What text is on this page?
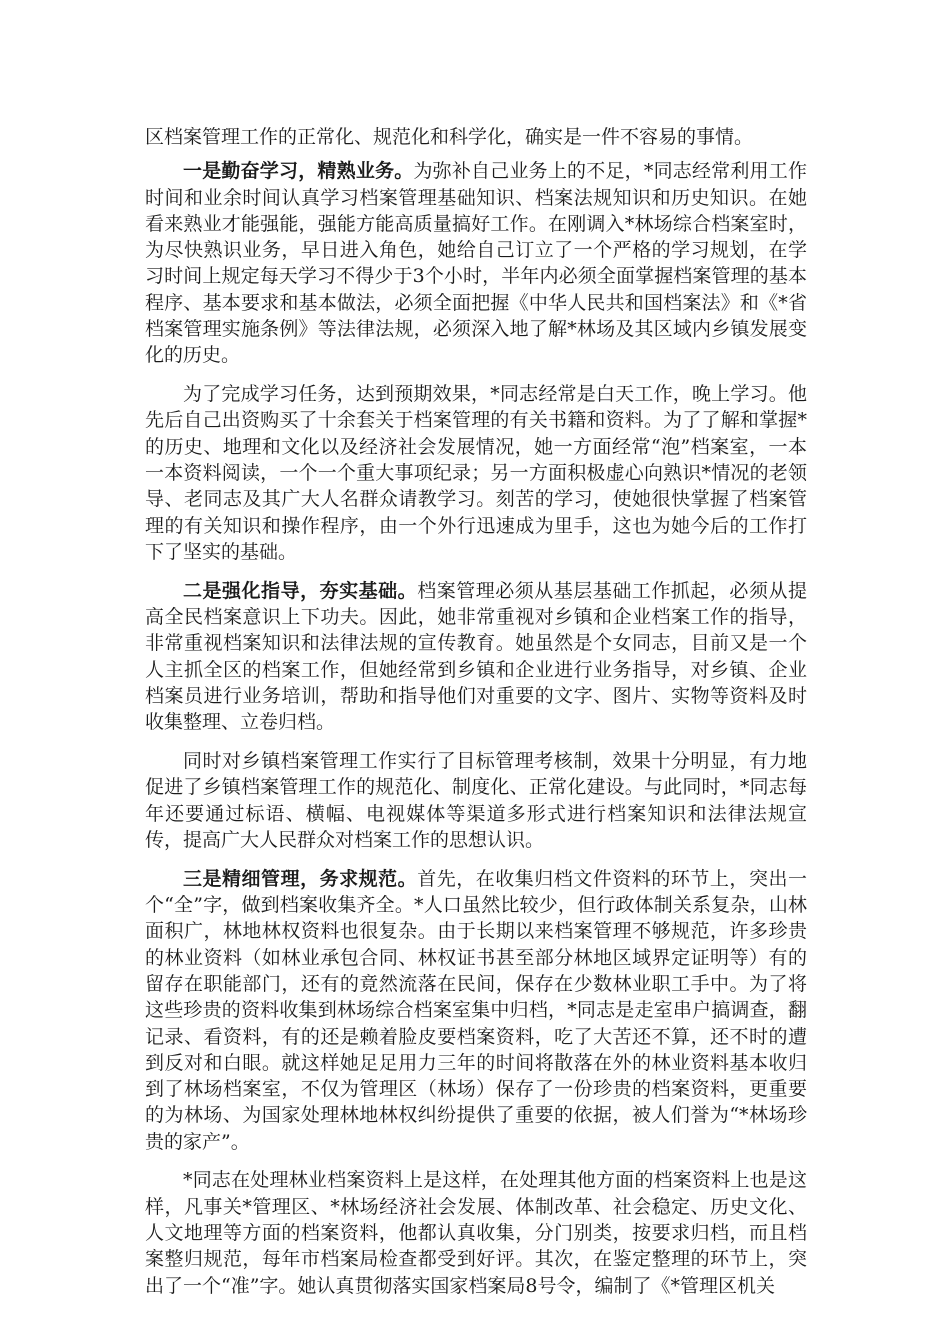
区档案管理工作的正常化、规范化和科学化，确实是一件不容易的事情。

一是勤奋学习，精熟业务。为弥补自己业务上的不足，*同志经常利用工作时间和业余时间认真学习档案管理基础知识、档案法规知识和历史知识。在她看来熟业才能强能，强能方能高质量搞好工作。在刚调入*林场综合档案室时，为尽快熟识业务，早日进入角色，她给自己订立了一个严格的学习规划，在学习时间上规定每天学习不得少于3个小时，半年内必须全面掌握档案管理的基本程序、基本要求和基本做法，必须全面把握《中华人民共和国档案法》和《*省档案管理实施条例》等法律法规，必须深入地了解*林场及其区域内乡镇发展变化的历史。

为了完成学习任务，达到预期效果，*同志经常是白天工作，晚上学习。他先后自己出资购买了十余套关于档案管理的有关书籍和资料。为了了解和掌握*的历史、地理和文化以及经济社会发展情况，她一方面经常“泡”档案室，一本一本资料阅读，一个一个重大事项纪录；另一方面积极虚心向熟识*情况的老领导、老同志及其广大人名群众请教学习。刻苦的学习，使她很快掌握了档案管理的有关知识和操作程序，由一个外行迅速成为里手，这也为她今后的工作打下了坚实的基础。

二是强化指导，夯实基础。档案管理必须从基层基础工作抓起，必须从提高全民档案意识上下功夫。因此，她非常重视对乡镇和企业档案工作的指导，非常重视档案知识和法律法规的宣传教育。她虽然是个女同志，目前又是一个人主抓全区的档案工作，但她经常到乡镇和企业进行业务指导，对乡镇、企业档案员进行业务培训，帮助和指导他们对重要的文字、图片、实物等资料及时收集整理、立卷归档。

同时对乡镇档案管理工作实行了目标管理考核制，效果十分明显，有力地促进了乡镇档案管理工作的规范化、制度化、正常化建设。与此同时，*同志每年还要通过标语、横幅、电视媒体等渠道多形式进行档案知识和法律法规宣传，提高广大人民群众对档案工作的思想认识。

三是精细管理，务求规范。首先，在收集归档文件资料的环节上，突出一个“全”字，做到档案收集齐全。*人口虽然比较少，但行政体制关系复杂，山林面积广，林地林权资料也很复杂。由于长期以来档案管理不够规范，许多珍贵的林业资料（如林业承包合同、林权证书甚至部分林地区域界定证明等）有的留存在职能部门，还有的竟然流落在民间，保存在少数林业职工手中。为了将这些珍贵的资料收集到林场综合档案室集中归档，*同志是走室串户搞调查，翻记录、看资料，有的还是赖着脸皮要档案资料，吃了大苦还不算，还不时的遭到反对和白眼。就这样她足足用力三年的时间将散落在外的林业资料基本收归到了林场档案室，不仅为管理区（林场）保存了一份珍贵的档案资料，更重要的为林场、为国家处理林地林权纠纷提供了重要的依据，被人们誉为“*林场珍贵的家产”。

*同志在处理林业档案资料上是这样，在处理其他方面的档案资料上也是这样，凡事关*管理区、*林场经济社会发展、体制改革、社会稳定、历史文化、人文地理等方面的档案资料，他都认真收集，分门别类，按要求归档，而且档案整归规范，每年市档案局检查都受到好评。其次，在鉴定整理的环节上，突出了一个“准”字。她认真贯彻落实国家档案局8号令，编制了《*管理区机关
